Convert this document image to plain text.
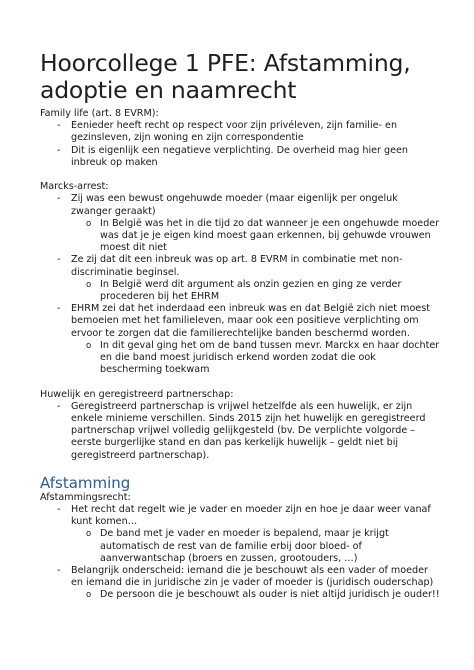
Hoorcollege 1 PFE: Afstamming, adoptie en naamrecht

Family life (art. 8 EVRM):

- Eenieder heeft recht op respect voor zijn privéleven, zijn familie- en gezinsleven, zijn woning en zijn correspondentie
- Dit is eigenlijk een negatieve verplichting. De overheid mag hier geen inbreuk op maken

Marcks-arrest:

- Zij was een bewust ongehuwde moeder (maar eigenlijk per ongeluk zwanger geraakt)
o In België was het in die tijd zo dat wanneer je een ongehuwde moeder was dat je je eigen kind moest gaan erkennen, bij gehuwde vrouwen moest dit niet
- Ze zij dat dit een inbreuk was op art. 8 EVRM in combinatie met non-discriminatie beginsel.
o In België werd dit argument als onzin gezien en ging ze verder procederen bij het EHRM
- EHRM zei dat het inderdaad een inbreuk was en dat België zich niet moest bemoeien met het familieleven, maar ook een positieve verplichting om ervoor te zorgen dat die familierechtelijke banden beschermd worden.
o In dit geval ging het om de band tussen mevr. Marckx en haar dochter en die band moest juridisch erkend worden zodat die ook bescherming toekwam

Huwelijk en geregistreerd partnerschap:

- Geregistreerd partnerschap is vrijwel hetzelfde als een huwelijk, er zijn enkele minieme verschillen. Sinds 2015 zijn het huwelijk en geregistreerd partnerschap vrijwel volledig gelijkgesteld (bv. De verplichte volgorde – eerste burgerlijke stand en dan pas kerkelijk huwelijk – geldt niet bij geregistreerd partnerschap).
Afstamming

Afstammingsrecht:

- Het recht dat regelt wie je vader en moeder zijn en hoe je daar weer vanaf kunt komen…
o De band met je vader en moeder is bepalend, maar je krijgt automatisch de rest van de familie erbij door bloed- of aanverwantschap (broers en zussen, grootouders, …)
- Belangrijk onderscheid: iemand die je beschouwt als een vader of moeder en iemand die in juridische zin je vader of moeder is (juridisch ouderschap)
o De persoon die je beschouwt als ouder is niet altijd juridisch je ouder!!
